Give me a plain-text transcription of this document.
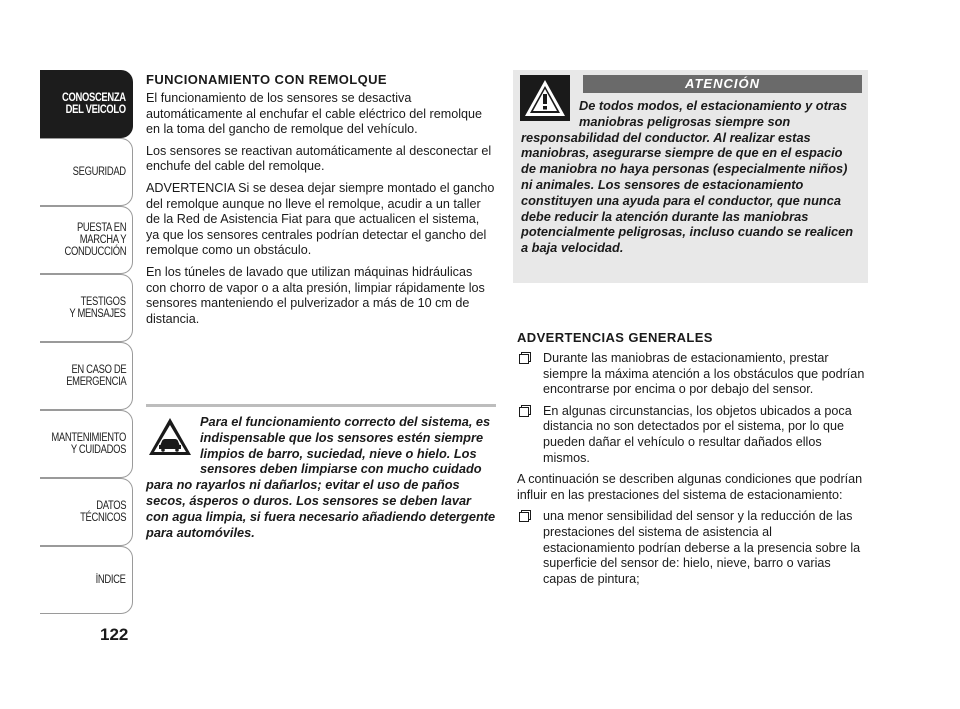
CONOSCENZA
DEL VEICOLO
SEGURIDAD
PUESTA EN
MARCHA Y
CONDUCCIÓN
TESTIGOS
Y MENSAJES
EN CASO DE
EMERGENCIA
MANTENIMIENTO
Y CUIDADOS
DATOS
TÉCNICOS
ÍNDICE
122
FUNCIONAMIENTO CON REMOLQUE

El funcionamiento de los sensores se desactiva automáticamente al enchufar el cable eléctrico del remolque en la toma del gancho de remolque del vehículo.

Los sensores se reactivan automáticamente al desconectar el enchufe del cable del remolque.

ADVERTENCIA Si se desea dejar siempre montado el gancho del remolque aunque no lleve el remolque, acudir a un taller de la Red de Asistencia Fiat para que actualicen el sistema, ya que los sensores centrales podrían detectar el gancho del remolque como un obstáculo.

En los túneles de lavado que utilizan máquinas hidráulicas con chorro de vapor o a alta presión, limpiar rápidamente los sensores manteniendo el pulverizador a más de 10 cm de distancia.

Para el funcionamiento correcto del sistema, es indispensable que los sensores estén siempre limpios de barro, suciedad, nieve o hielo. Los sensores deben limpiarse con mucho cuidado para no rayarlos ni dañarlos; evitar el uso de paños secos, ásperos o duros. Los sensores se deben lavar con agua limpia, si fuera necesario añadiendo detergente para automóviles.

ATENCIÓN

De todos modos, el estacionamiento y otras maniobras peligrosas siempre son responsabilidad del conductor. Al realizar estas maniobras, asegurarse siempre de que en el espacio de maniobra no haya personas (especialmente niños) ni animales. Los sensores de estacionamiento constituyen una ayuda para el conductor, que nunca debe reducir la atención durante las maniobras potencialmente peligrosas, incluso cuando se realicen a baja velocidad.

ADVERTENCIAS GENERALES
Durante las maniobras de estacionamiento, prestar siempre la máxima atención a los obstáculos que podrían encontrarse por encima o por debajo del sensor.
En algunas circunstancias, los objetos ubicados a poca distancia no son detectados por el sistema, por lo que pueden dañar el vehículo o resultar dañados ellos mismos.

A continuación se describen algunas condiciones que podrían influir en las prestaciones del sistema de estacionamiento:

una menor sensibilidad del sensor y la reducción de las prestaciones del sistema de asistencia al estacionamiento podrían deberse a la presencia sobre la superficie del sensor de: hielo, nieve, barro o varias capas de pintura;
